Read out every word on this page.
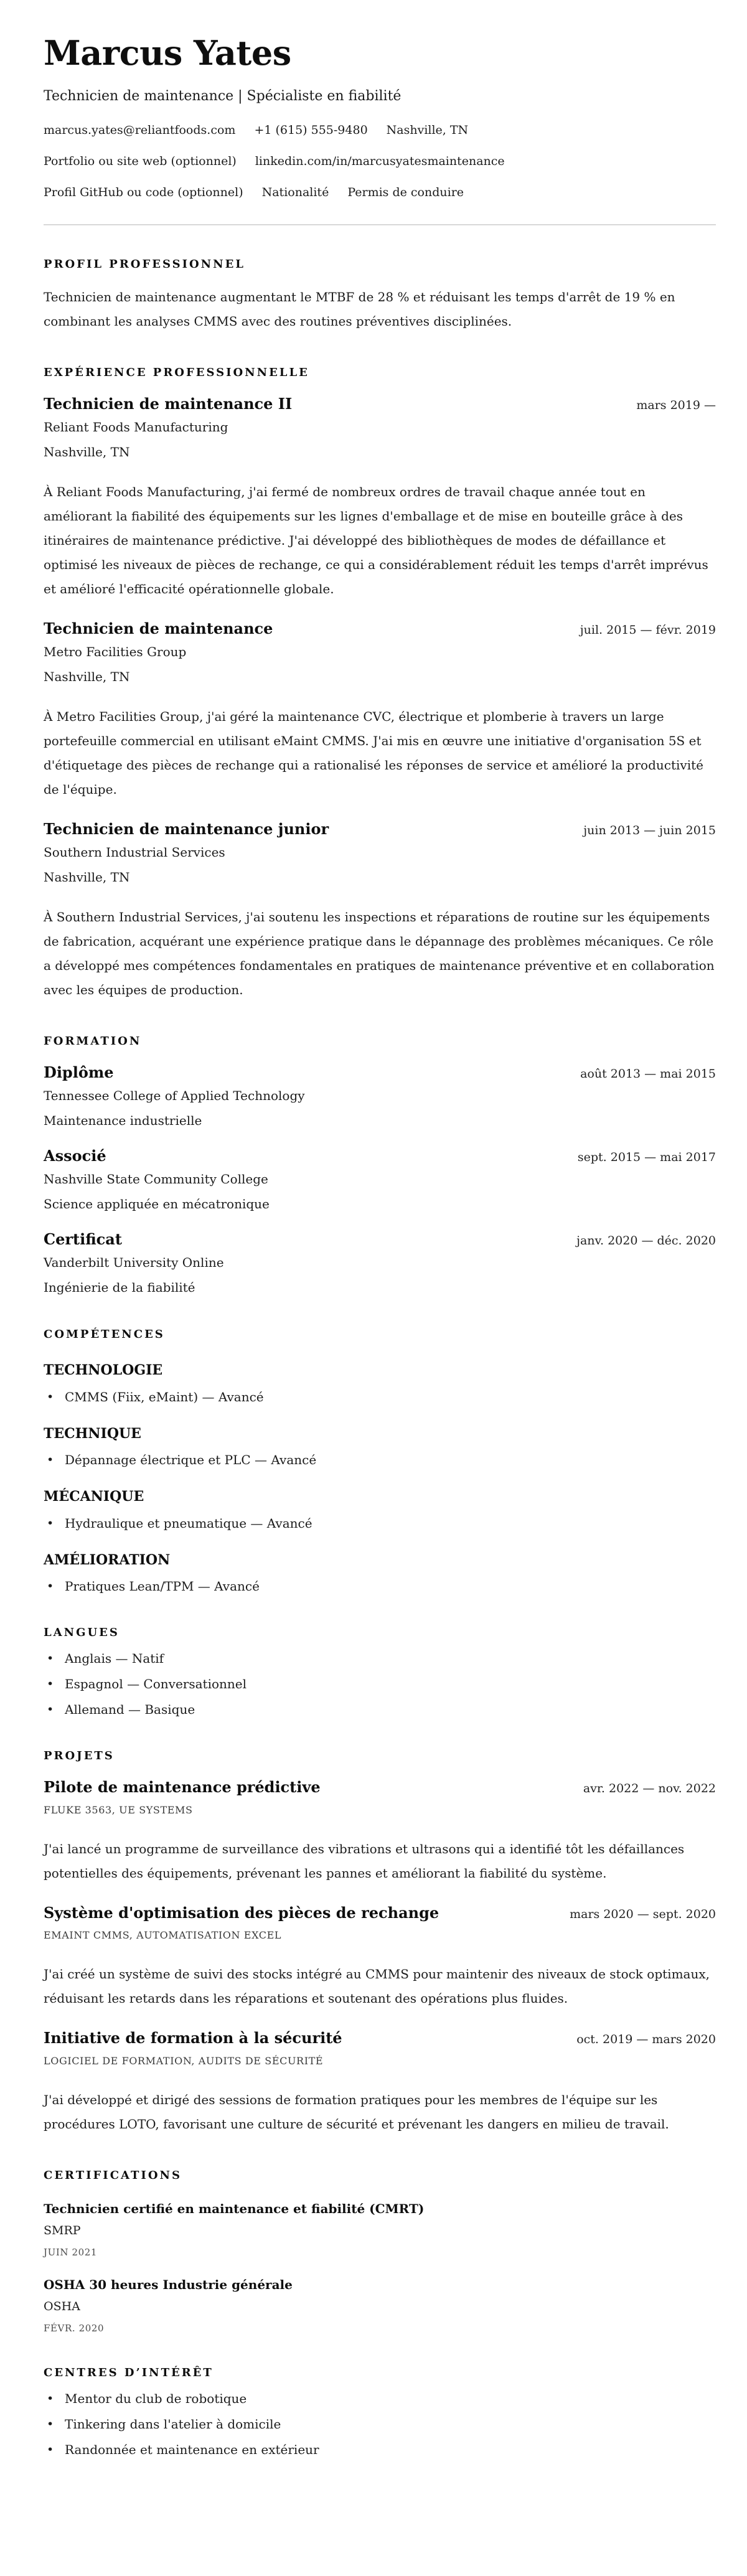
Marcus Yates
Technicien de maintenance | Spécialiste en fiabilité
marcus.yates@reliantfoods.com +1 (615) 555-9480 Nashville, TN
Portfolio ou site web (optionnel) linkedin.com/in/marcusyatesmaintenance
Profil GitHub ou code (optionnel) Nationalité Permis de conduire
PROFIL PROFESSIONNEL

Technicien de maintenance augmentant le MTBF de 28 % et réduisant les temps d'arrêt de 19 % en combinant les analyses CMMS avec des routines préventives disciplinées.

EXPÉRIENCE PROFESSIONNELLE
Technicien de maintenance II	mars 2019 —
Reliant Foods Manufacturing
Nashville, TN

À Reliant Foods Manufacturing, j'ai fermé de nombreux ordres de travail chaque année tout en améliorant la fiabilité des équipements sur les lignes d'emballage et de mise en bouteille grâce à des itinéraires de maintenance prédictive. J'ai développé des bibliothèques de modes de défaillance et optimisé les niveaux de pièces de rechange, ce qui a considérablement réduit les temps d'arrêt imprévus et amélioré l'efficacité opérationnelle globale.

Technicien de maintenance	juil. 2015 — févr. 2019
Metro Facilities Group
Nashville, TN

À Metro Facilities Group, j'ai géré la maintenance CVC, électrique et plomberie à travers un large portefeuille commercial en utilisant eMaint CMMS. J'ai mis en œuvre une initiative d'organisation 5S et d'étiquetage des pièces de rechange qui a rationalisé les réponses de service et amélioré la productivité de l'équipe.

Technicien de maintenance junior	juin 2013 — juin 2015
Southern Industrial Services
Nashville, TN

À Southern Industrial Services, j'ai soutenu les inspections et réparations de routine sur les équipements de fabrication, acquérant une expérience pratique dans le dépannage des problèmes mécaniques. Ce rôle a développé mes compétences fondamentales en pratiques de maintenance préventive et en collaboration avec les équipes de production.

FORMATION
Diplôme	août 2013 — mai 2015
Tennessee College of Applied Technology
Maintenance industrielle
Associé	sept. 2015 — mai 2017
Nashville State Community College
Science appliquée en mécatronique
Certificat	janv. 2020 — déc. 2020
Vanderbilt University Online
Ingénierie de la fiabilité
COMPÉTENCES
TECHNOLOGIE
• CMMS (Fiix, eMaint) — Avancé
TECHNIQUE
• Dépannage électrique et PLC — Avancé
MÉCANIQUE
• Hydraulique et pneumatique — Avancé
AMÉLIORATION
• Pratiques Lean/TPM — Avancé
LANGUES
• Anglais — Natif
• Espagnol — Conversationnel
• Allemand — Basique
PROJETS
Pilote de maintenance prédictive	avr. 2022 — nov. 2022
FLUKE 3563, UE SYSTEMS

J'ai lancé un programme de surveillance des vibrations et ultrasons qui a identifié tôt les défaillances potentielles des équipements, prévenant les pannes et améliorant la fiabilité du système.

Système d'optimisation des pièces de rechange	mars 2020 — sept. 2020
EMAINT CMMS, AUTOMATISATION EXCEL

J'ai créé un système de suivi des stocks intégré au CMMS pour maintenir des niveaux de stock optimaux, réduisant les retards dans les réparations et soutenant des opérations plus fluides.

Initiative de formation à la sécurité	oct. 2019 — mars 2020
LOGICIEL DE FORMATION, AUDITS DE SÉCURITÉ

J'ai développé et dirigé des sessions de formation pratiques pour les membres de l'équipe sur les procédures LOTO, favorisant une culture de sécurité et prévenant les dangers en milieu de travail.

CERTIFICATIONS
Technicien certifié en maintenance et fiabilité (CMRT)
SMRP
JUIN 2021
OSHA 30 heures Industrie générale
OSHA
FÉVR. 2020
CENTRES D’INTÉRÊT
• Mentor du club de robotique
• Tinkering dans l'atelier à domicile
• Randonnée et maintenance en extérieur
